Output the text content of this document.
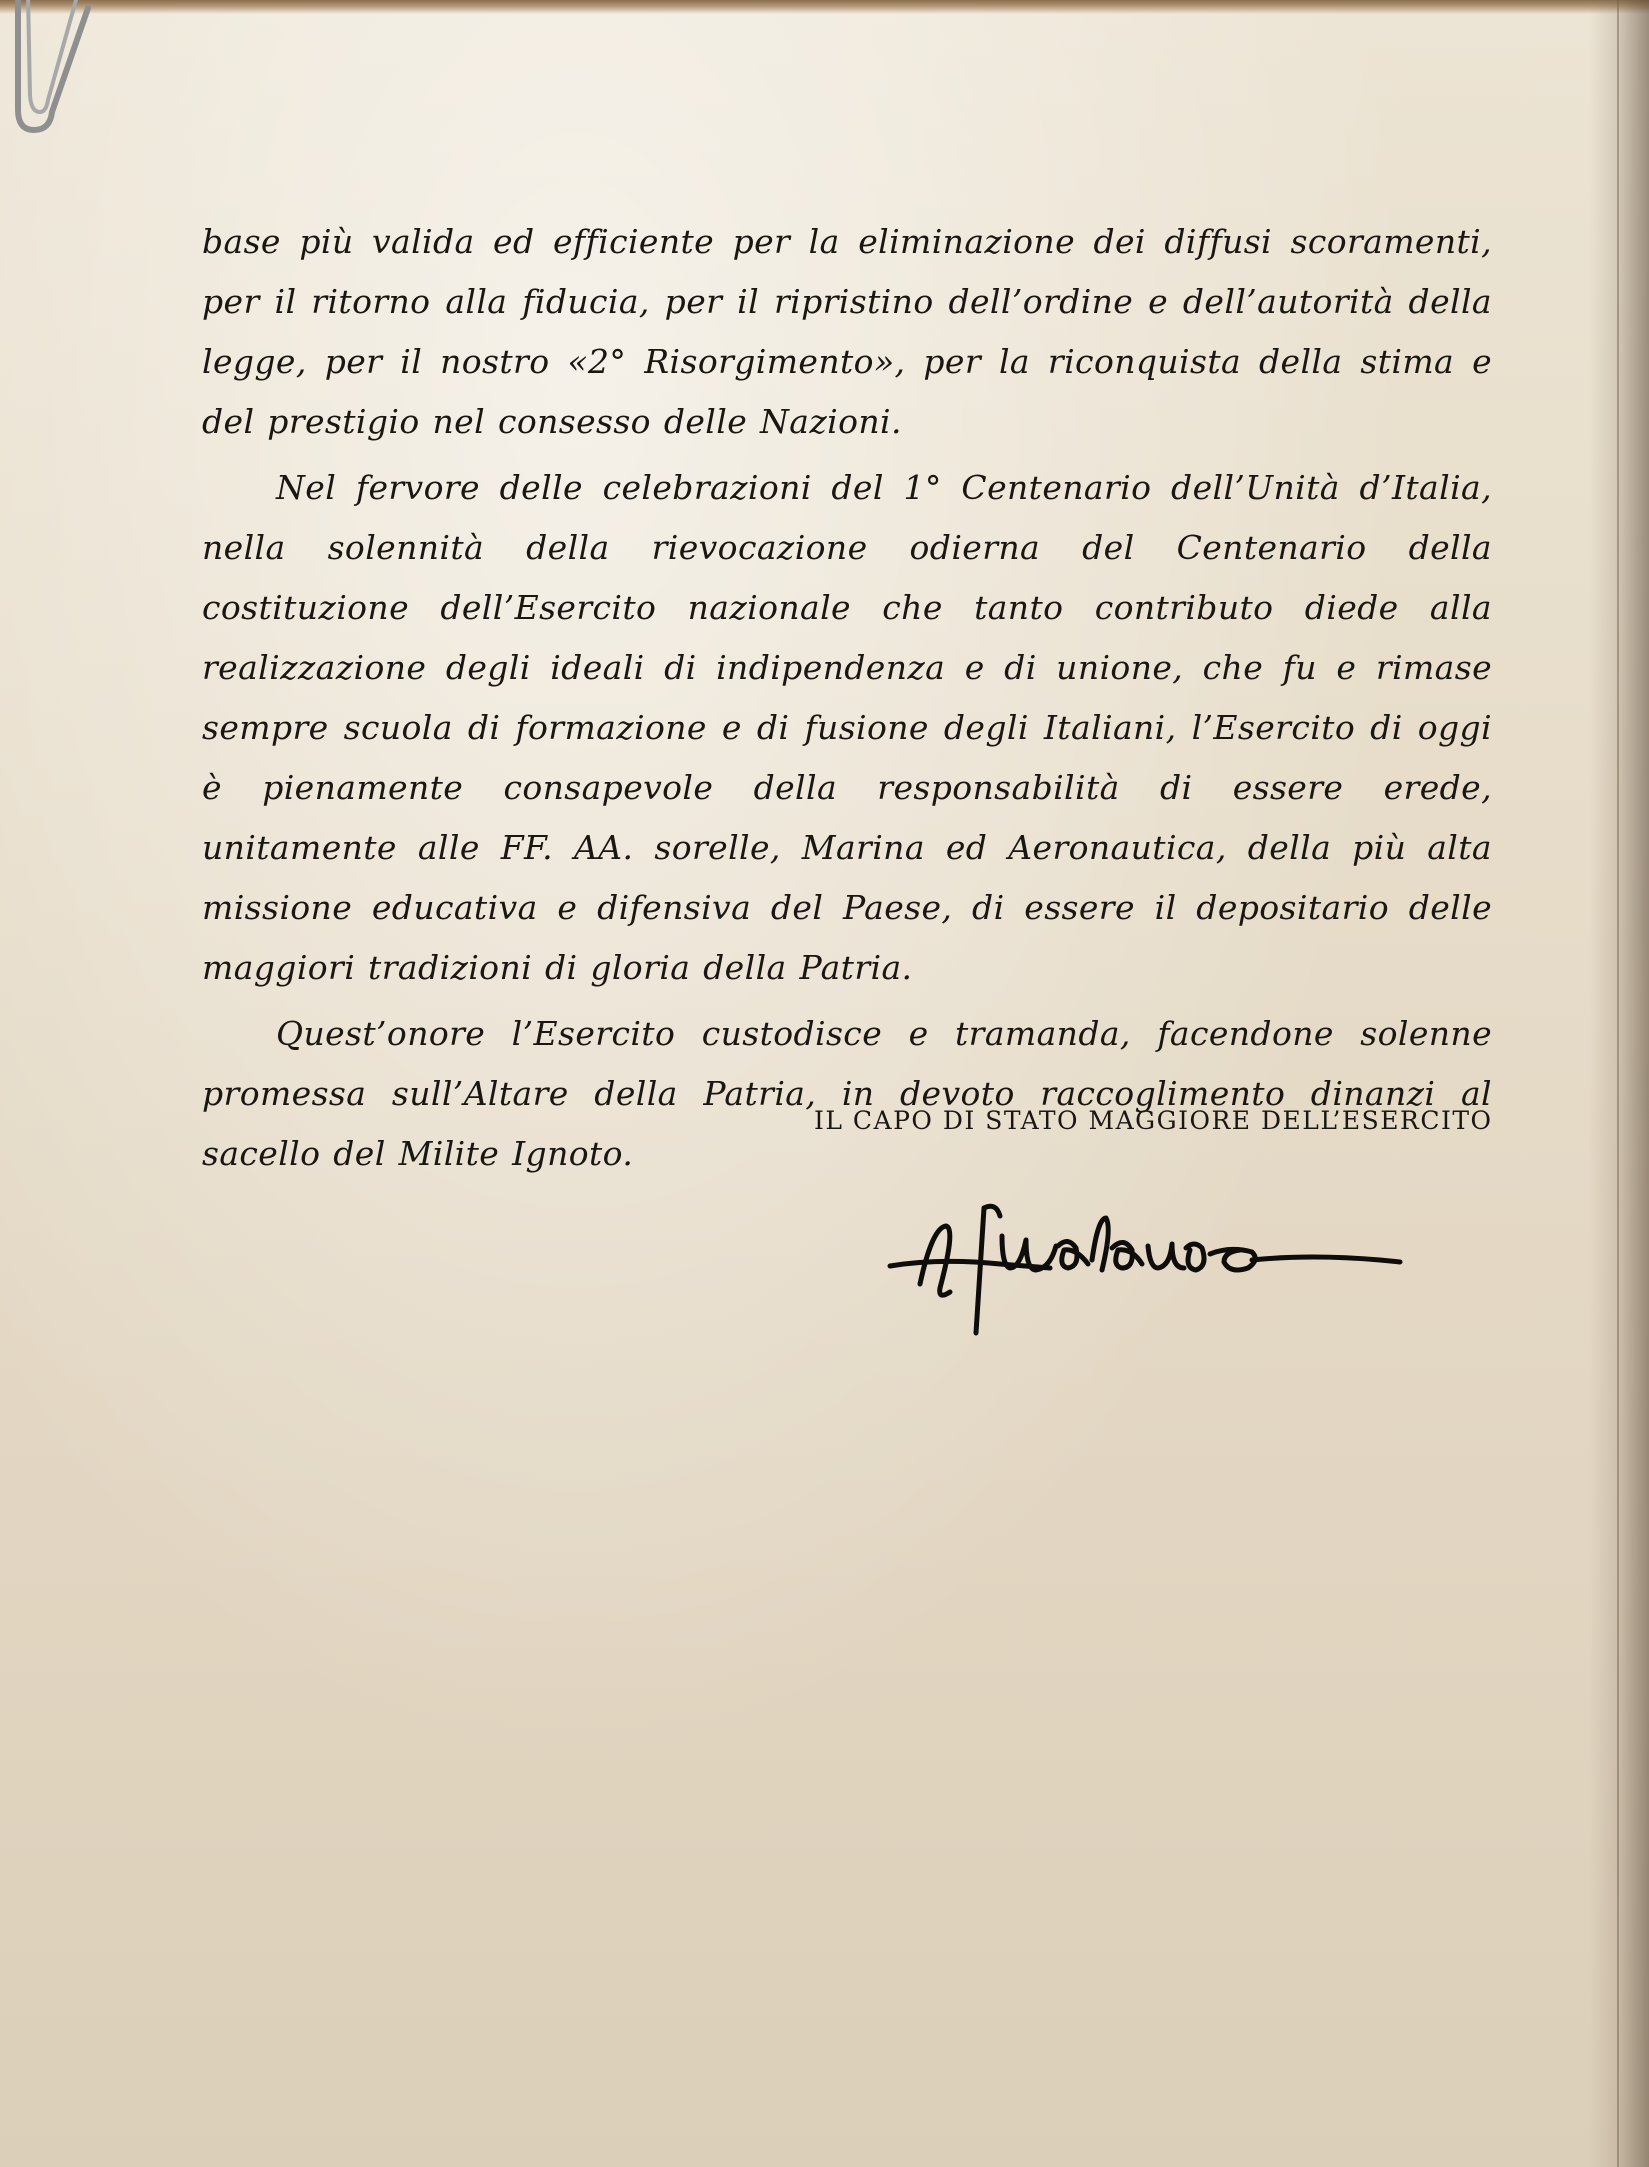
base più valida ed efficiente per la eliminazione dei diffusi scoramenti, per il ritorno alla fiducia, per il ripristino dell’ordine e dell’autorità della legge, per il nostro «2° Risorgimento», per la riconquista della stima e del prestigio nel consesso delle Nazioni.

Nel fervore delle celebrazioni del 1° Centenario dell’Unità d’Italia, nella solennità della rievocazione odierna del Centenario della costituzione dell’Esercito nazionale che tanto contributo diede alla realizzazione degli ideali di indipendenza e di unione, che fu e rimase sempre scuola di formazione e di fusione degli Italiani, l’Esercito di oggi è pienamente consapevole della responsabilità di essere erede, unitamente alle FF. AA. sorelle, Marina ed Aeronautica, della più alta missione educativa e difensiva del Paese, di essere il depositario delle maggiori tradizioni di gloria della Patria.

Quest’onore l’Esercito custodisce e tramanda, facendone solenne promessa sull’Altare della Patria, in devoto raccoglimento dinanzi al sacello del Milite Ignoto.

IL CAPO DI STATO MAGGIORE DELL’ESERCITO
